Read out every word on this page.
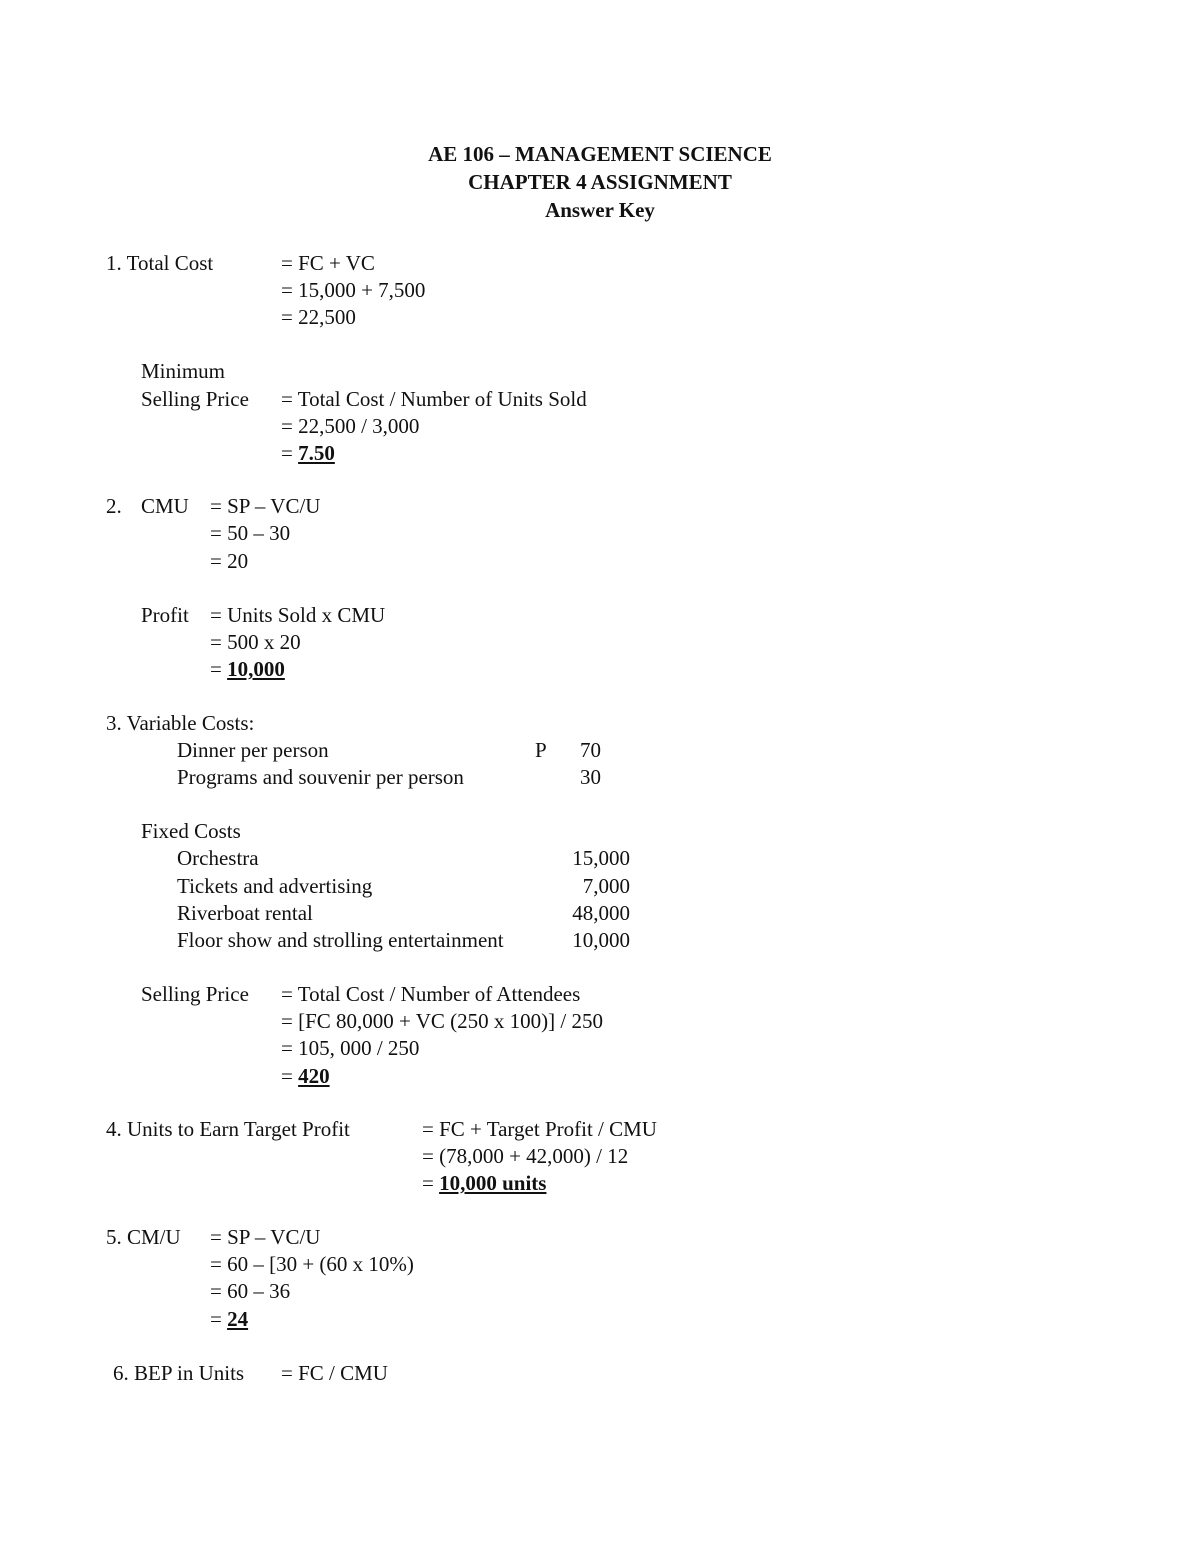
AE 106 – MANAGEMENT SCIENCE
CHAPTER 4 ASSIGNMENT
Answer Key
1. Total Cost	= FC + VC
= 15,000 + 7,500
= 22,500
Minimum
Selling Price = Total Cost / Number of Units Sold
= 22,500 / 3,000
= 7.50
2. CMU = SP – VC/U
= 50 – 30
= 20
Profit = Units Sold x CMU
= 500 x 20
= 10,000
3. Variable Costs:
Dinner per person	P	70
Programs and souvenir per person	30
Fixed Costs
Orchestra	15,000
Tickets and advertising	7,000
Riverboat rental	48,000
Floor show and strolling entertainment	10,000
Selling Price = Total Cost / Number of Attendees
= [FC 80,000 + VC (250 x 100)] / 250
= 105, 000 / 250
= 420
4. Units to Earn Target Profit	= FC + Target Profit / CMU
= (78,000 + 42,000) / 12
= 10,000 units
5. CM/U = SP – VC/U
= 60 – [30 + (60 x 10%)
= 60 – 36
= 24
6. BEP in Units = FC / CMU
